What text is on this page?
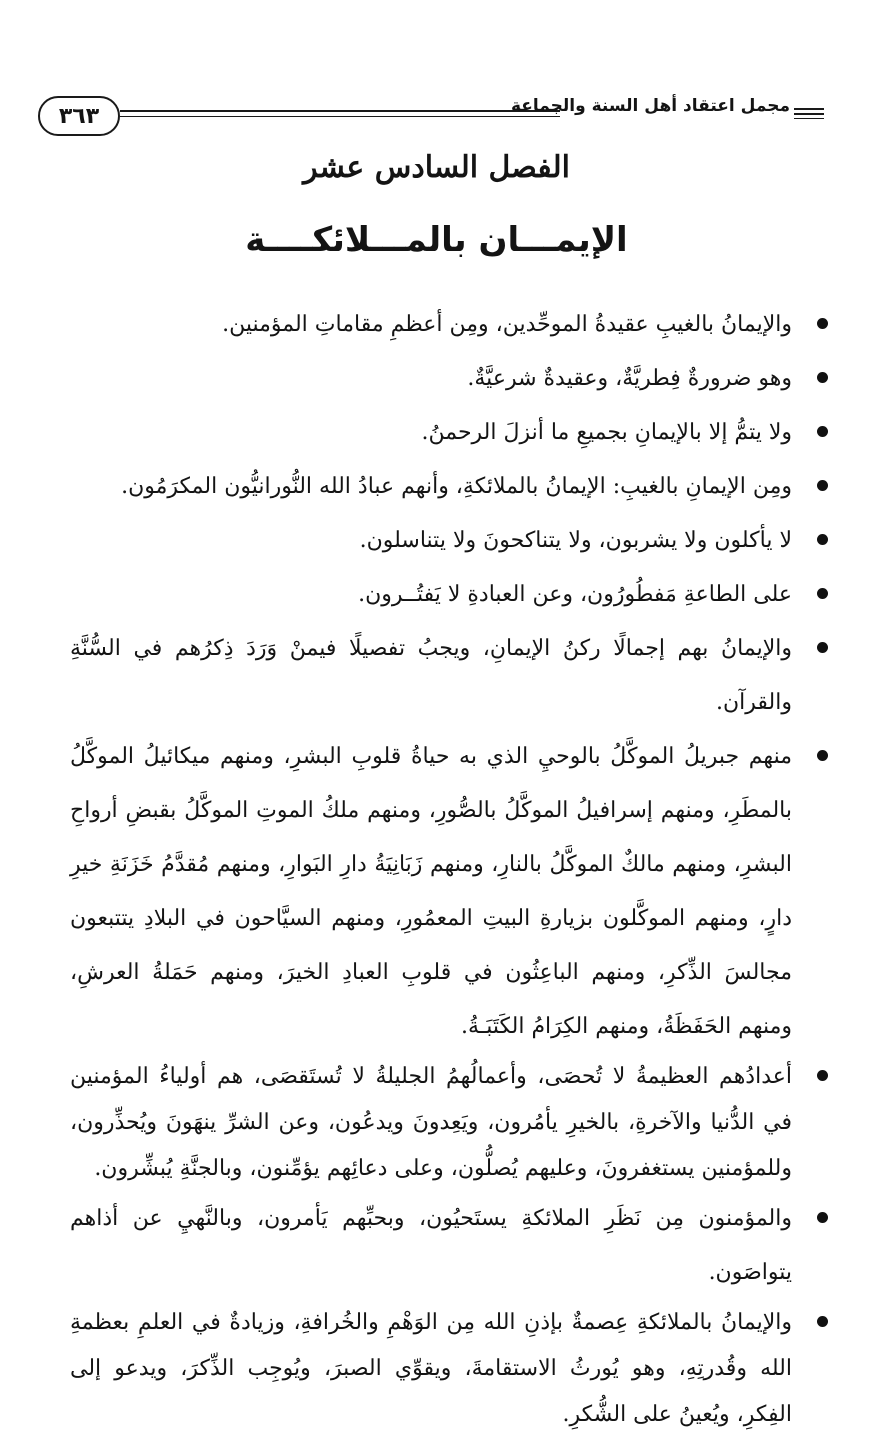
٣٦٣	مجمل اعتقاد أهل السنة والجماعة
الفصل السادس عشر
الإيمـــان بالمـــلائكــــة
والإيمانُ بالغيبِ عقيدةُ الموحِّدين، ومِن أعظمِ مقاماتِ المؤمنين.
وهو ضرورةٌ فِطريَّةٌ، وعقيدةٌ شرعيَّةٌ.
ولا يتمُّ إلا بالإيمانِ بجميعِ ما أنزلَ الرحمنُ.
ومِن الإيمانِ بالغيبِ: الإيمانُ بالملائكةِ، وأنهم عبادُ الله النُّورانيُّون المكرَمُون.
لا يأكلون ولا يشربون، ولا يتناكحونَ ولا يتناسلون.
على الطاعةِ مَفطُورُون، وعن العبادةِ لا يَفتُــرون.
والإيمانُ بهم إجمالًا ركنُ الإيمانِ، ويجبُ تفصيلًا فيمنْ وَرَدَ ذِكرُهم في السُّنَّةِ والقرآن.
منهم جبريلُ الموكَّلُ بالوحيِ الذي به حياةُ قلوبِ البشرِ، ومنهم ميكائيلُ الموكَّلُ بالمطَرِ، ومنهم إسرافيلُ الموكَّلُ بالصُّورِ، ومنهم ملكُ الموتِ الموكَّلُ بقبضِ أرواحِ البشرِ، ومنهم مالكٌ الموكَّلُ بالنارِ، ومنهم زَبَانِيَةُ دارِ البَوارِ، ومنهم مُقدَّمُ خَزَنَةِ خيرِ دارٍ، ومنهم الموكَّلون بزيارةِ البيتِ المعمُورِ، ومنهم السيَّاحون في البلادِ يتتبعون مجالسَ الذِّكرِ، ومنهم الباعِثُون في قلوبِ العبادِ الخيرَ، ومنهم حَمَلةُ العرشِ، ومنهم الحَفَظَةُ، ومنهم الكِرَامُ الكَتَبَـةُ.
أعدادُهم العظيمةُ لا تُحصَى، وأعمالُهمُ الجليلةُ لا تُستَقصَى، هم أولياءُ المؤمنين في الدُّنيا والآخرةِ، بالخيرِ يأمُرون، ويَعِدونَ ويدعُون، وعن الشرِّ ينهَونَ ويُحذِّرون، وللمؤمنين يستغفرونَ، وعليهم يُصلُّون، وعلى دعائِهم يؤمِّنون، وبالجنَّةِ يُبشِّرون.
والمؤمنون مِن نَظَرِ الملائكةِ يستَحيُون، وبحبِّهم يَأمرون، وبالنَّهيِ عن أذاهم يتواصَون.
والإيمانُ بالملائكةِ عِصمةٌ بإذنِ الله مِن الوَهْمِ والخُرافةِ، وزيادةٌ في العلمِ بعظمةِ الله وقُدرتِهِ، وهو يُورثُ الاستقامةَ، ويقوِّي الصبرَ، ويُوجِب الذِّكرَ، ويدعو إلى الفِكرِ، ويُعينُ على الشُّكرِ.
